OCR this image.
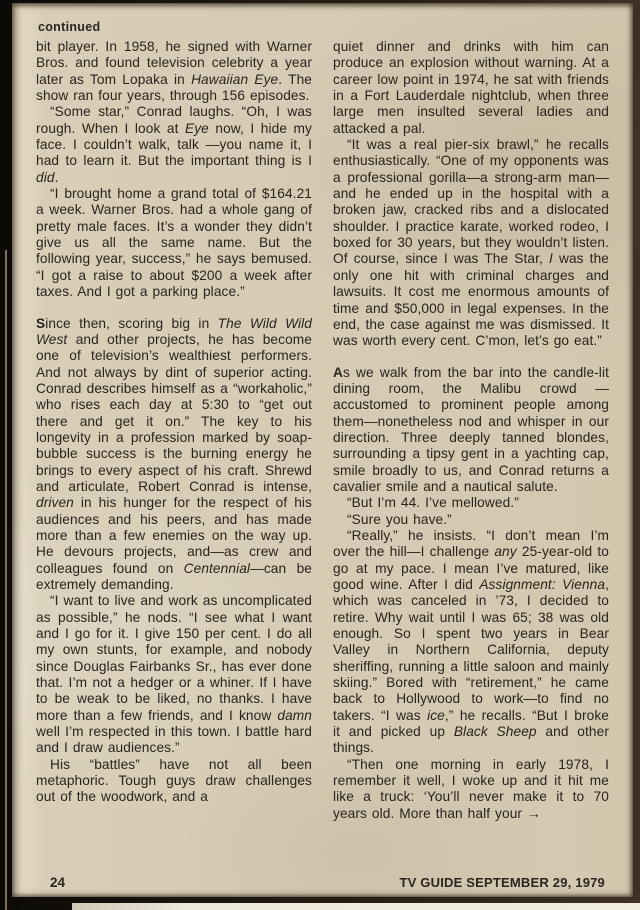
continued

bit player. In 1958, he signed with Warner Bros. and found television celebrity a year later as Tom Lopaka in Hawaiian Eye. The show ran four years, through 156 episodes.

“Some star,” Conrad laughs. “Oh, I was rough. When I look at Eye now, I hide my face. I couldn’t walk, talk —you name it, I had to learn it. But the important thing is I did.

“I brought home a grand total of $164.21 a week. Warner Bros. had a whole gang of pretty male faces. It’s a wonder they didn’t give us all the same name. But the following year, success,” he says bemused. “I got a raise to about $200 a week after taxes. And I got a parking place.”

Since then, scoring big in The Wild Wild West and other projects, he has become one of television’s wealthiest performers. And not always by dint of superior acting. Conrad describes himself as a “workaholic,” who rises each day at 5:30 to “get out there and get it on.” The key to his longevity in a profession marked by soap-bubble success is the burning energy he brings to every aspect of his craft. Shrewd and articulate, Robert Conrad is intense, driven in his hunger for the respect of his audiences and his peers, and has made more than a few enemies on the way up. He devours projects, and—as crew and colleagues found on Centennial—can be extremely demanding.

“I want to live and work as uncomplicated as possible,” he nods. “I see what I want and I go for it. I give 150 per cent. I do all my own stunts, for example, and nobody since Douglas Fairbanks Sr., has ever done that. I’m not a hedger or a whiner. If I have to be weak to be liked, no thanks. I have more than a few friends, and I know damn well I’m respected in this town. I battle hard and I draw audiences.”

His “battles” have not all been metaphoric. Tough guys draw challenges out of the woodwork, and a

quiet dinner and drinks with him can produce an explosion without warning. At a career low point in 1974, he sat with friends in a Fort Lauderdale nightclub, when three large men insulted several ladies and attacked a pal.

“It was a real pier-six brawl,” he recalls enthusiastically. “One of my opponents was a professional gorilla—a strong-arm man—and he ended up in the hospital with a broken jaw, cracked ribs and a dislocated shoulder. I practice karate, worked rodeo, I boxed for 30 years, but they wouldn’t listen. Of course, since I was The Star, I was the only one hit with criminal charges and lawsuits. It cost me enormous amounts of time and $50,000 in legal expenses. In the end, the case against me was dismissed. It was worth every cent. C’mon, let’s go eat.”

As we walk from the bar into the candle-lit dining room, the Malibu crowd —accustomed to prominent people among them—nonetheless nod and whisper in our direction. Three deeply tanned blondes, surrounding a tipsy gent in a yachting cap, smile broadly to us, and Conrad returns a cavalier smile and a nautical salute.

“But I’m 44. I’ve mellowed.”

“Sure you have.”

“Really,” he insists. “I don’t mean I’m over the hill—I challenge any 25-year-old to go at my pace. I mean I’ve matured, like good wine. After I did Assignment: Vienna, which was canceled in ’73, I decided to retire. Why wait until I was 65; 38 was old enough. So I spent two years in Bear Valley in Northern California, deputy sheriffing, running a little saloon and mainly skiing.” Bored with “retirement,” he came back to Hollywood to work—to find no takers. “I was ice,” he recalls. “But I broke it and picked up Black Sheep and other things.

“Then one morning in early 1978, I remember it well, I woke up and it hit me like a truck: ‘You’ll never make it to 70 years old. More than half your →

24	TV GUIDE SEPTEMBER 29, 1979
